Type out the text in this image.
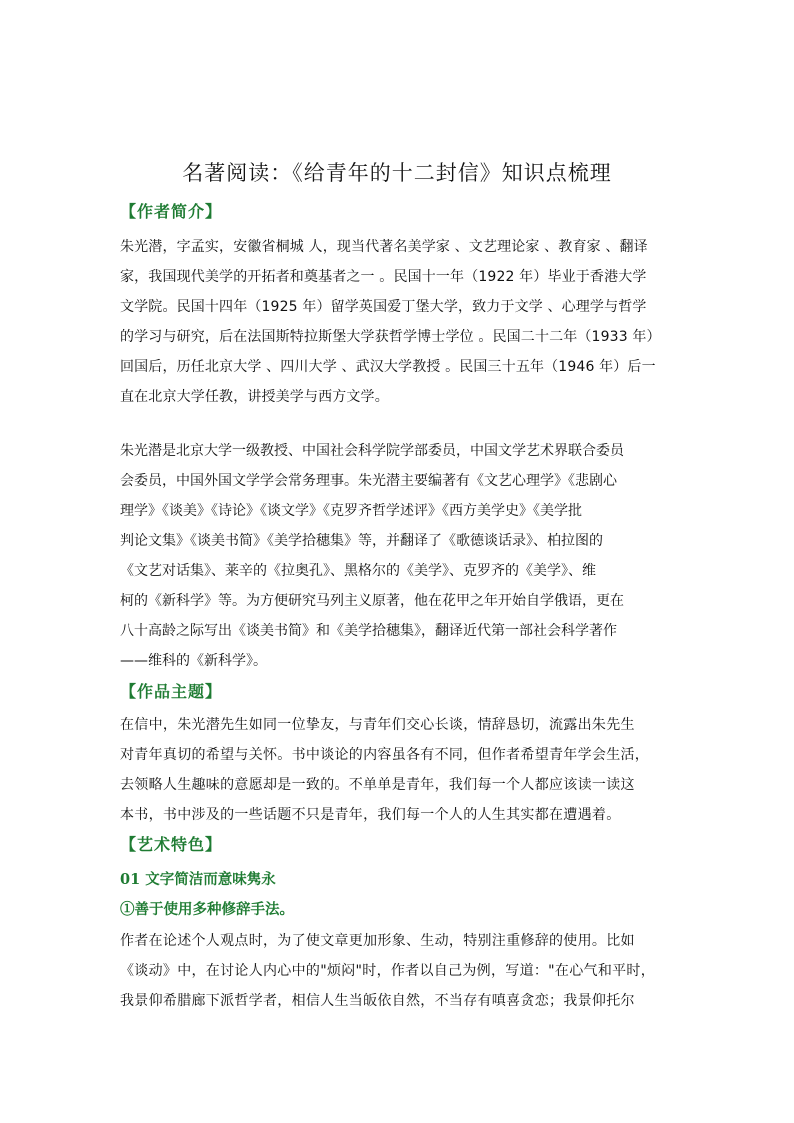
名著阅读：《给青年的十二封信》知识点梳理
【作者简介】
朱光潜，字孟实，安徽省桐城 人，现当代著名美学家 、文艺理论家 、教育家 、翻译
家，我国现代美学的开拓者和奠基者之一 。民国十一年（1922 年）毕业于香港大学
文学院。民国十四年（1925 年）留学英国爱丁堡大学，致力于文学 、心理学与哲学
的学习与研究，后在法国斯特拉斯堡大学获哲学博士学位 。民国二十二年（1933 年）
回国后，历任北京大学 、四川大学 、武汉大学教授 。民国三十五年（1946 年）后一
直在北京大学任教，讲授美学与西方文学。
朱光潜是北京大学一级教授、中国社会科学院学部委员，中国文学艺术界联合委员
会委员，中国外国文学学会常务理事。朱光潜主要编著有《文艺心理学》《悲剧心
理学》《谈美》《诗论》《谈文学》《克罗齐哲学述评》《西方美学史》《美学批
判论文集》《谈美书简》《美学拾穗集》等，并翻译了《歌德谈话录》、柏拉图的
《文艺对话集》、莱辛的《拉奥孔》、黑格尔的《美学》、克罗齐的《美学》、维
柯的《新科学》等。为方便研究马列主义原著，他在花甲之年开始自学俄语，更在
八十高龄之际写出《谈美书简》和《美学拾穗集》，翻译近代第一部社会科学著作
——维科的《新科学》。
【作品主题】
在信中，朱光潜先生如同一位挚友，与青年们交心长谈，情辞恳切，流露出朱先生
对青年真切的希望与关怀。书中谈论的内容虽各有不同，但作者希望青年学会生活，
去领略人生趣味的意愿却是一致的。不单单是青年，我们每一个人都应该读一读这
本书，书中涉及的一些话题不只是青年，我们每一个人的人生其实都在遭遇着。
【艺术特色】
01 文字简洁而意味隽永
①善于使用多种修辞手法。
作者在论述个人观点时，为了使文章更加形象、生动，特别注重修辞的使用。比如
《谈动》中，在讨论人内心中的"烦闷"时，作者以自己为例，写道："在心气和平时，
我景仰希腊廊下派哲学者，相信人生当皈依自然，不当存有嗔喜贪恋；我景仰托尔
